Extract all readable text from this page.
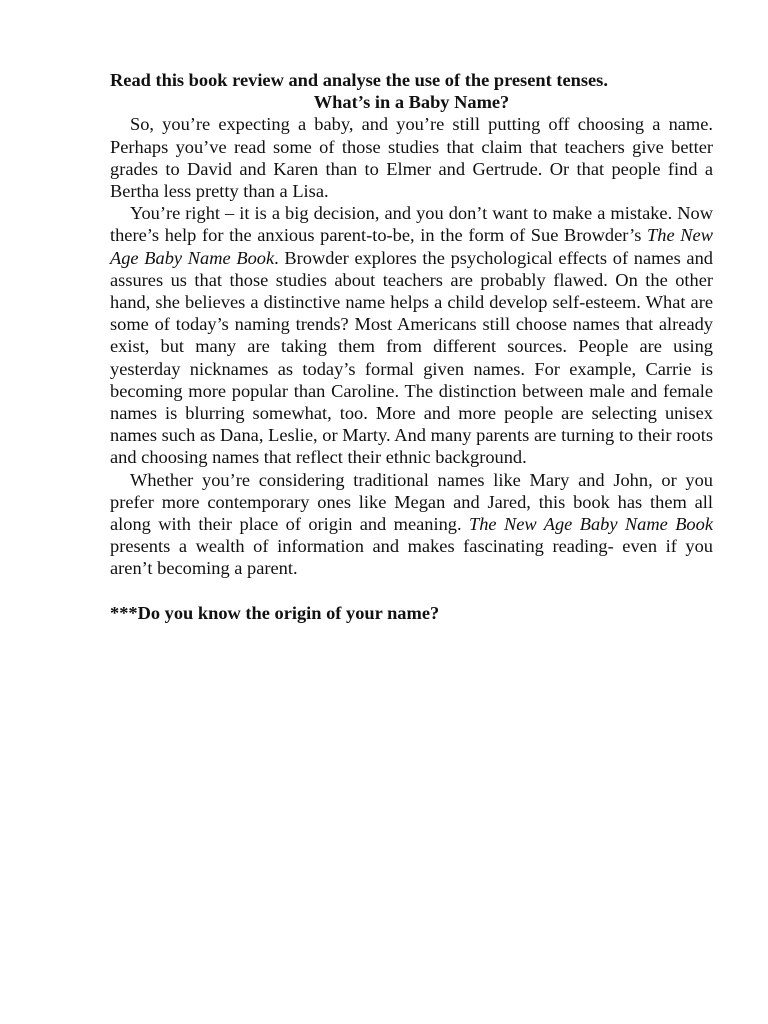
Read this book review and analyse the use of the present tenses.

What’s in a Baby Name?

So, you’re expecting a baby, and you’re still putting off choosing a name. Perhaps you’ve read some of those studies that claim that teachers give better grades to David and Karen than to Elmer and Gertrude. Or that people find a Bertha less pretty than a Lisa.

You’re right – it is a big decision, and you don’t want to make a mistake. Now there’s help for the anxious parent-to-be, in the form of Sue Browder’s The New Age Baby Name Book. Browder explores the psychological effects of names and assures us that those studies about teachers are probably flawed. On the other hand, she believes a distinctive name helps a child develop self-esteem. What are some of today’s naming trends? Most Americans still choose names that already exist, but many are taking them from different sources. People are using yesterday nicknames as today’s formal given names. For example, Carrie is becoming more popular than Caroline. The distinction between male and female names is blurring somewhat, too. More and more people are selecting unisex names such as Dana, Leslie, or Marty. And many parents are turning to their roots and choosing names that reflect their ethnic background.

Whether you’re considering traditional names like Mary and John, or you prefer more contemporary ones like Megan and Jared, this book has them all along with their place of origin and meaning. The New Age Baby Name Book presents a wealth of information and makes fascinating reading- even if you aren’t becoming a parent.

***Do you know the origin of your name?
